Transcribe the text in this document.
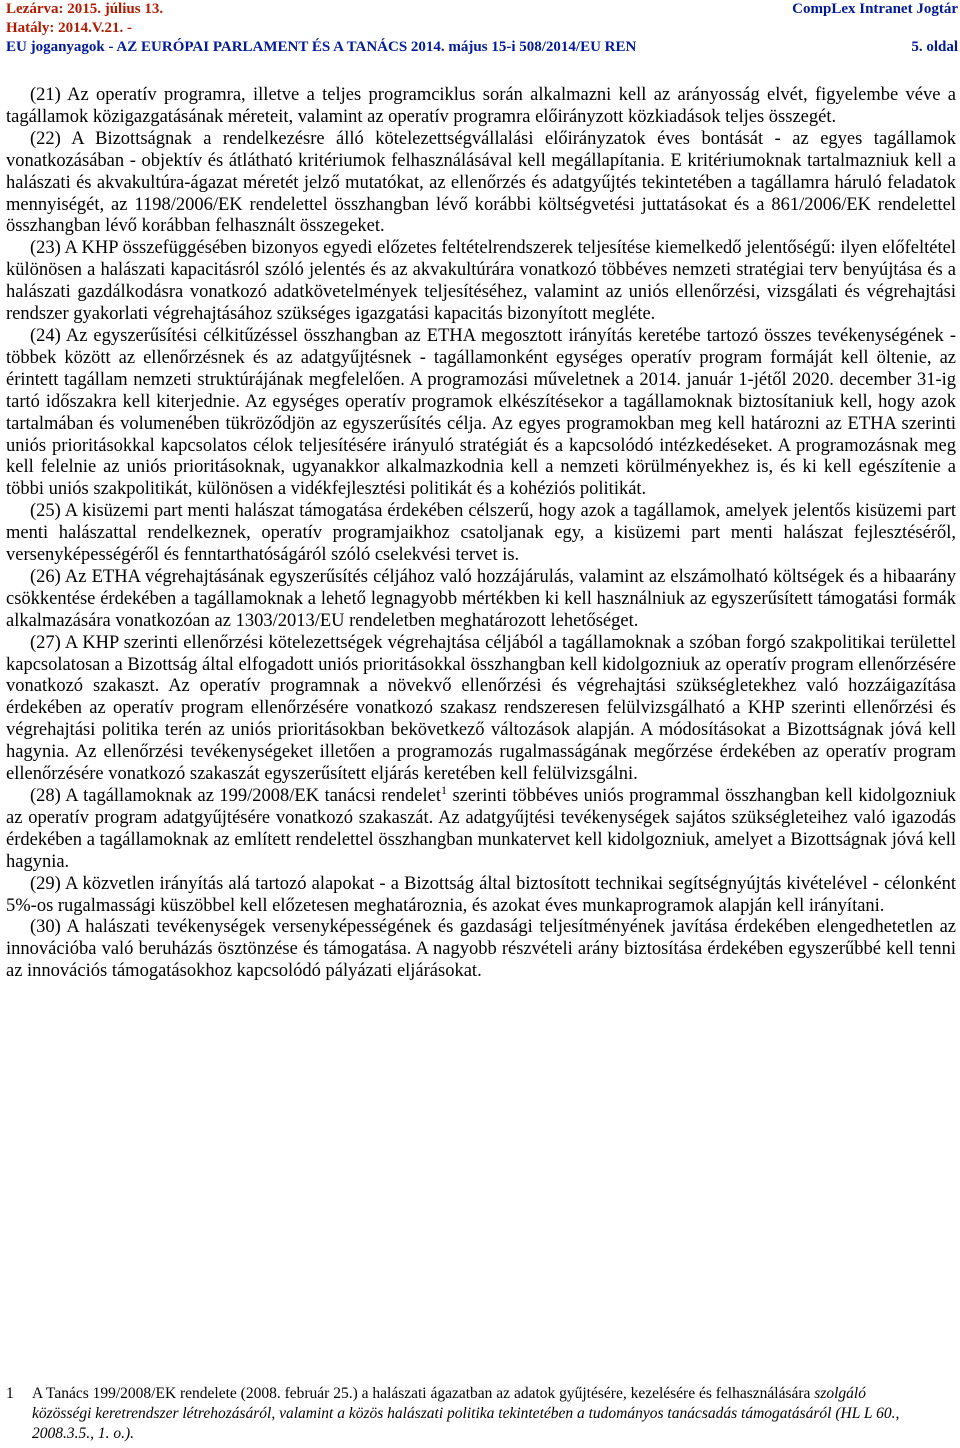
Lezárva: 2015. július 13.	CompLex Intranet Jogtár
Hatály: 2014.V.21. -
EU joganyagok - AZ EURÓPAI PARLAMENT ÉS A TANÁCS 2014. május 15-i 508/2014/EU REN	5. oldal

(21) Az operatív programra, illetve a teljes programciklus során alkalmazni kell az arányosság elvét, figyelembe véve a tagállamok közigazgatásának méreteit, valamint az operatív programra előirányzott közkiadások teljes összegét.

(22) A Bizottságnak a rendelkezésre álló kötelezettségvállalási előirányzatok éves bontását - az egyes tagállamok vonatkozásában - objektív és átlátható kritériumok felhasználásával kell megállapítania. E kritériumoknak tartalmazniuk kell a halászati és akvakultúra-ágazat méretét jelző mutatókat, az ellenőrzés és adatgyűjtés tekintetében a tagállamra háruló feladatok mennyiségét, az 1198/2006/EK rendelettel összhangban lévő korábbi költségvetési juttatásokat és a 861/2006/EK rendelettel összhangban lévő korábban felhasznált összegeket.

(23) A KHP összefüggésében bizonyos egyedi előzetes feltételrendszerek teljesítése kiemelkedő jelentőségű: ilyen előfeltétel különösen a halászati kapacitásról szóló jelentés és az akvakultúrára vonatkozó többéves nemzeti stratégiai terv benyújtása és a halászati gazdálkodásra vonatkozó adatkövetelmények teljesítéséhez, valamint az uniós ellenőrzési, vizsgálati és végrehajtási rendszer gyakorlati végrehajtásához szükséges igazgatási kapacitás bizonyított megléte.

(24) Az egyszerűsítési célkitűzéssel összhangban az ETHA megosztott irányítás keretébe tartozó összes tevékenységének - többek között az ellenőrzésnek és az adatgyűjtésnek - tagállamonként egységes operatív program formáját kell öltenie, az érintett tagállam nemzeti struktúrájának megfelelően. A programozási műveletnek a 2014. január 1-jétől 2020. december 31-ig tartó időszakra kell kiterjednie. Az egységes operatív programok elkészítésekor a tagállamoknak biztosítaniuk kell, hogy azok tartalmában és volumenében tükröződjön az egyszerűsítés célja. Az egyes programokban meg kell határozni az ETHA szerinti uniós prioritásokkal kapcsolatos célok teljesítésére irányuló stratégiát és a kapcsolódó intézkedéseket. A programozásnak meg kell felelnie az uniós prioritásoknak, ugyanakkor alkalmazkodnia kell a nemzeti körülményekhez is, és ki kell egészítenie a többi uniós szakpolitikát, különösen a vidékfejlesztési politikát és a kohéziós politikát.

(25) A kisüzemi part menti halászat támogatása érdekében célszerű, hogy azok a tagállamok, amelyek jelentős kisüzemi part menti halászattal rendelkeznek, operatív programjaikhoz csatoljanak egy, a kisüzemi part menti halászat fejlesztéséről, versenyképességéről és fenntarthatóságáról szóló cselekvési tervet is.

(26) Az ETHA végrehajtásának egyszerűsítés céljához való hozzájárulás, valamint az elszámolható költségek és a hibaarány csökkentése érdekében a tagállamoknak a lehető legnagyobb mértékben ki kell használniuk az egyszerűsített támogatási formák alkalmazására vonatkozóan az 1303/2013/EU rendeletben meghatározott lehetőséget.

(27) A KHP szerinti ellenőrzési kötelezettségek végrehajtása céljából a tagállamoknak a szóban forgó szakpolitikai területtel kapcsolatosan a Bizottság által elfogadott uniós prioritásokkal összhangban kell kidolgozniuk az operatív program ellenőrzésére vonatkozó szakaszt. Az operatív programnak a növekvő ellenőrzési és végrehajtási szükségletekhez való hozzáigazítása érdekében az operatív program ellenőrzésére vonatkozó szakasz rendszeresen felülvizsgálható a KHP szerinti ellenőrzési és végrehajtási politika terén az uniós prioritásokban bekövetkező változások alapján. A módosításokat a Bizottságnak jóvá kell hagynia. Az ellenőrzési tevékenységeket illetően a programozás rugalmasságának megőrzése érdekében az operatív program ellenőrzésére vonatkozó szakaszát egyszerűsített eljárás keretében kell felülvizsgálni.

(28) A tagállamoknak az 199/2008/EK tanácsi rendelet$^1$ szerinti többéves uniós programmal összhangban kell kidolgozniuk az operatív program adatgyűjtésére vonatkozó szakaszát. Az adatgyűjtési tevékenységek sajátos szükségleteihez való igazodás érdekében a tagállamoknak az említett rendelettel összhangban munkatervet kell kidolgozniuk, amelyet a Bizottságnak jóvá kell hagynia.

(29) A közvetlen irányítás alá tartozó alapokat - a Bizottság által biztosított technikai segítségnyújtás kivételével - célonként 5%-os rugalmassági küszöbbel kell előzetesen meghatároznia, és azokat éves munkaprogramok alapján kell irányítani.

(30) A halászati tevékenységek versenyképességének és gazdasági teljesítményének javítása érdekében elengedhetetlen az innovációba való beruházás ösztönzése és támogatása. A nagyobb részvételi arány biztosítása érdekében egyszerűbbé kell tenni az innovációs támogatásokhoz kapcsolódó pályázati eljárásokat.

1 A Tanács 199/2008/EK rendelete (2008. február 25.) a halászati ágazatban az adatok gyűjtésére, kezelésére és felhasználására szolgáló közösségi keretrendszer létrehozásáról, valamint a közös halászati politika tekintetében a tudományos tanácsadás támogatásáról (HL L 60., 2008.3.5., 1. o.).
